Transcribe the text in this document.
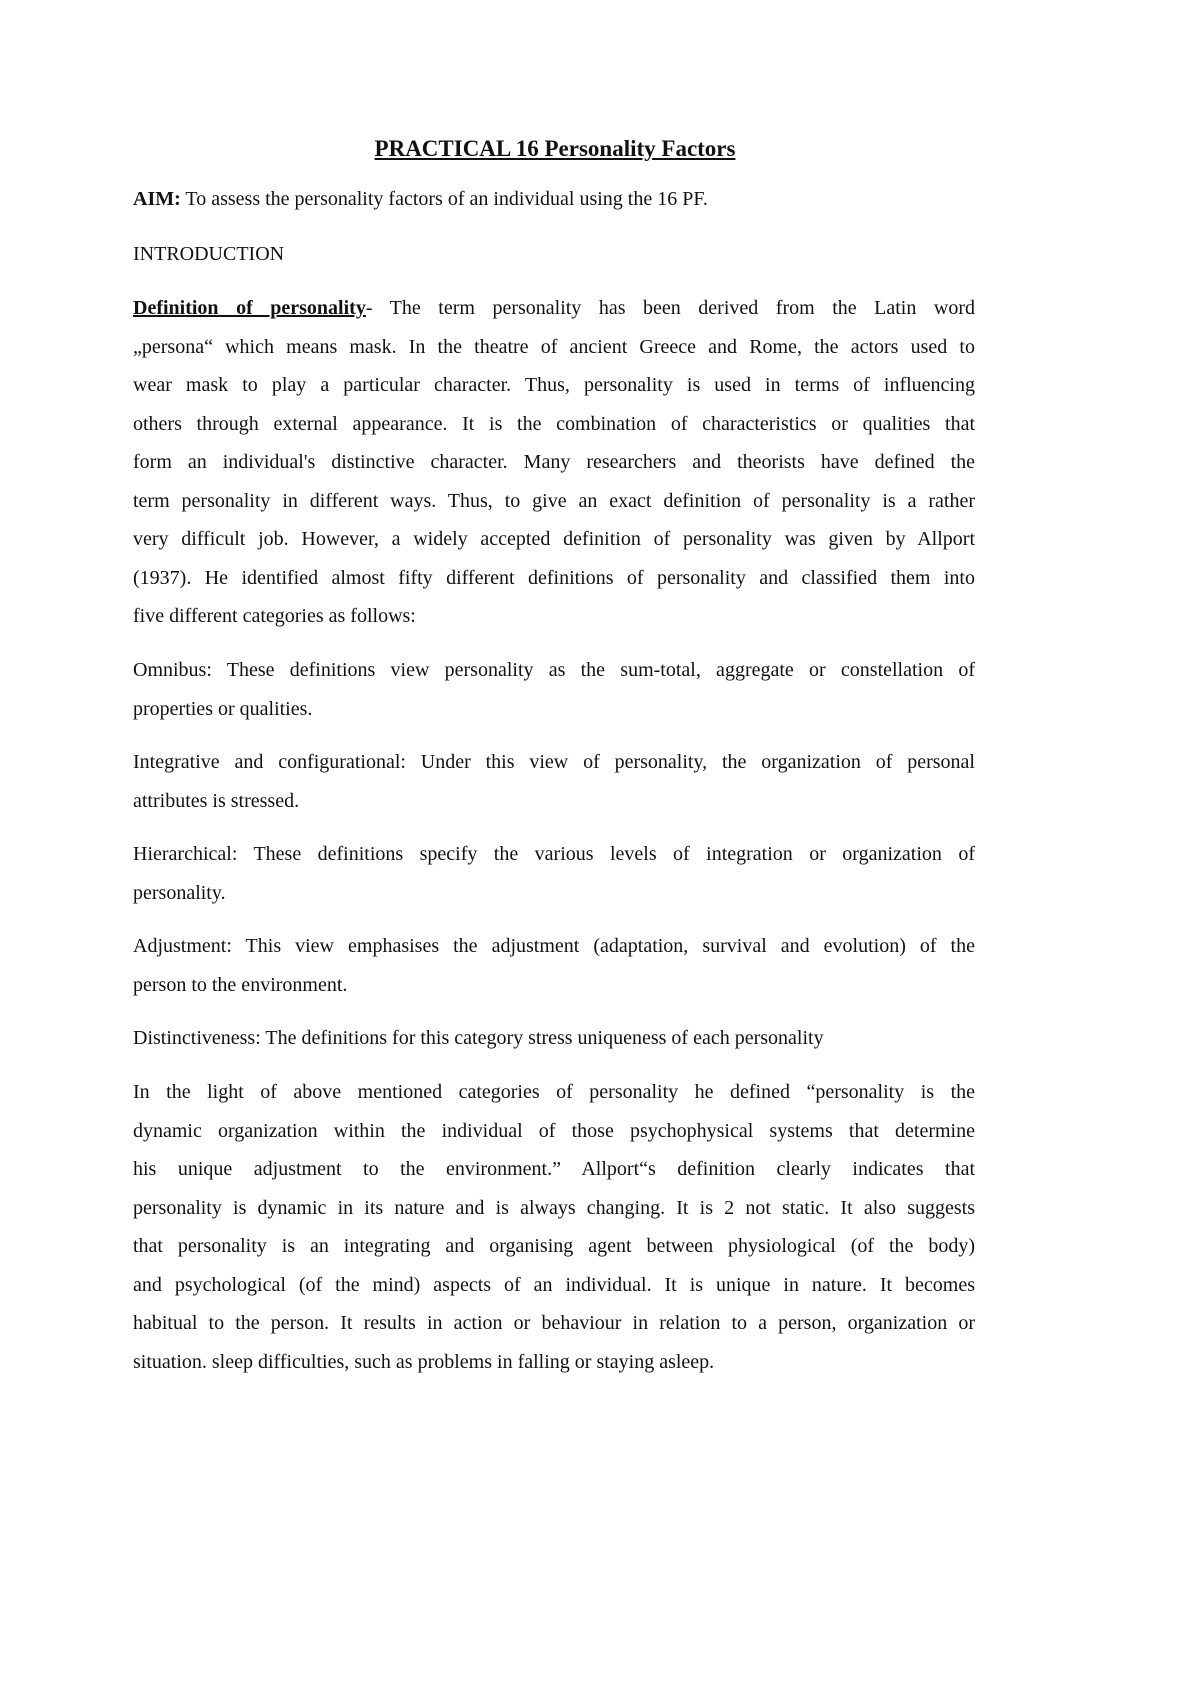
PRACTICAL 16 Personality Factors
AIM: To assess the personality factors of an individual using the 16 PF.
INTRODUCTION
Definition of personality- The term personality has been derived from the Latin word
„persona“ which means mask. In the theatre of ancient Greece and Rome, the actors used to
wear mask to play a particular character. Thus, personality is used in terms of influencing
others through external appearance. It is the combination of characteristics or qualities that
form an individual's distinctive character. Many researchers and theorists have defined the
term personality in different ways. Thus, to give an exact definition of personality is a rather
very difficult job. However, a widely accepted definition of personality was given by Allport
(1937). He identified almost fifty different definitions of personality and classified them into
five different categories as follows:
Omnibus: These definitions view personality as the sum-total, aggregate or constellation of
properties or qualities.
Integrative and configurational: Under this view of personality, the organization of personal
attributes is stressed.
Hierarchical: These definitions specify the various levels of integration or organization of
personality.
Adjustment: This view emphasises the adjustment (adaptation, survival and evolution) of the
person to the environment.
Distinctiveness: The definitions for this category stress uniqueness of each personality
In the light of above mentioned categories of personality he defined “personality is the
dynamic organization within the individual of those psychophysical systems that determine
his unique adjustment to the environment.” Allport“s definition clearly indicates that
personality is dynamic in its nature and is always changing. It is 2 not static. It also suggests
that personality is an integrating and organising agent between physiological (of the body)
and psychological (of the mind) aspects of an individual. It is unique in nature. It becomes
habitual to the person. It results in action or behaviour in relation to a person, organization or
situation. sleep difficulties, such as problems in falling or staying asleep.
